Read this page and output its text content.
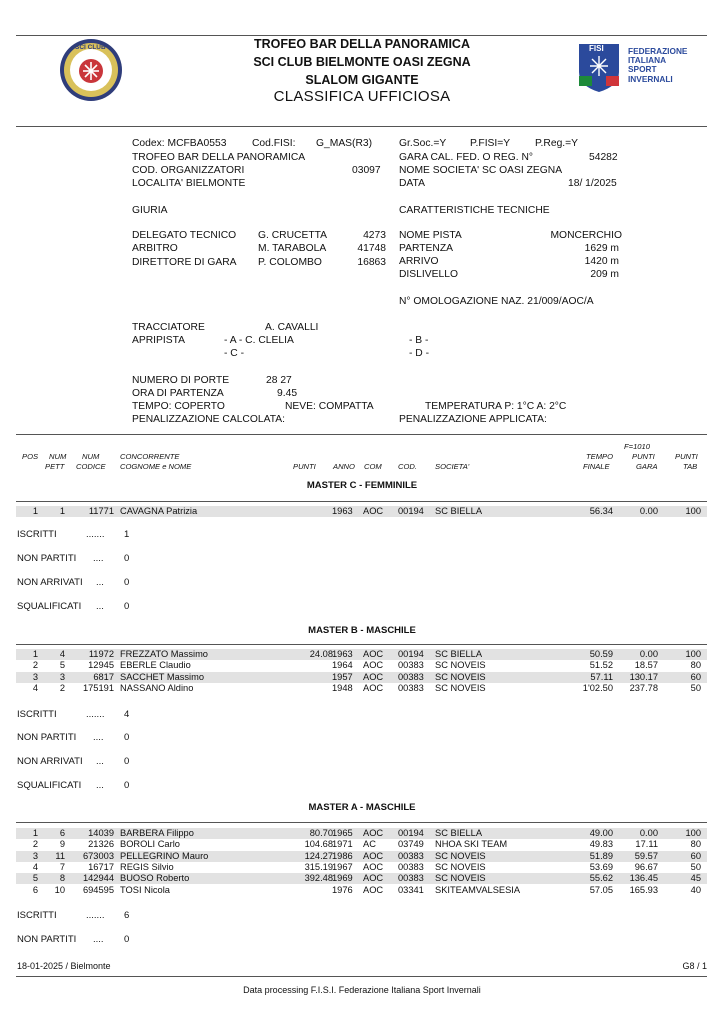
SCI CLUB	TROFEO BAR DELLA PANORAMICA
SCI CLUB BIELMONTE OASI ZEGNA
SLALOM GIGANTE
CLASSIFICA UFFICIOSA
FISI	FEDERAZIONE
ITALIANA
SPORT
INVERNALI
Codex: MCFBA0553 Cod.FISI: G_MAS(R3)
TROFEO BAR DELLA PANORAMICA
COD. ORGANIZZATORI	03097
LOCALITA' BIELMONTE
Gr.Soc.=Y P.FISI=Y P.Reg.=Y
GARA CAL. FED. O REG. N°	54282
NOME SOCIETA' SC OASI ZEGNA
DATA	18/ 1/2025
GIURIA	CARATTERISTICHE TECNICHE
DELEGATO TECNICO G. CRUCETTA	4273
ARBITRO	M. TARABOLA	41748
DIRETTORE DI GARA P. COLOMBO	16863
NOME PISTA	MONCERCHIO
PARTENZA	1629 m
ARRIVO	1420 m
DISLIVELLO	209 m
N° OMOLOGAZIONE NAZ. 21/009/AOC/A
TRACCIATORE	A. CAVALLI
APRIPISTA	- A - C. CLELIA
- C -
- B -
- D -
NUMERO DI PORTE	28 27
ORA DI PARTENZA	9.45
TEMPO: COPERTO	NEVE: COMPATTA	TEMPERATURA P: 1°C A: 2°C
PENALIZZAZIONE CALCOLATA:	PENALIZZAZIONE APPLICATA:
POS NUM
PETT
NUM
CODICE
CONCORRENTE
COGNOME e NOME	PUNTI ANNO COM COD. SOCIETA'
TEMPO
FINALE
F=1010
PUNTI
GARA
PUNTI
TAB
MASTER C - FEMMINILE
1	1	11771 CAVAGNA Patrizia	1963 AOC 00194 SC BIELLA	56.34	0.00	100
ISCRITTI	....... 1
NON PARTITI .... 0
NON ARRIVATI ... 0
SQUALIFICATI ... 0
MASTER B - MASCHILE
1	4	11972 FREZZATO Massimo	24.08 1963 AOC 00194 SC BIELLA	50.59	0.00	100
2	5	12945 EBERLE Claudio	1964 AOC 00383 SC NOVEIS	51.52	18.57	80
3	3	6817 SACCHET Massimo	1957 AOC 00383 SC NOVEIS	57.11	130.17	60
4	2	175191 NASSANO Aldino	1948 AOC 00383 SC NOVEIS	1'02.50	237.78	50
ISCRITTI	....... 4
NON PARTITI .... 0
NON ARRIVATI ... 0
SQUALIFICATI ... 0
MASTER A - MASCHILE
1	6	14039 BARBERA Filippo	80.70 1965 AOC 00194 SC BIELLA	49.00	0.00	100
2	9	21326 BOROLI Carlo	104.68 1971 AC 03749 NHOA SKI TEAM	49.83	17.11	80
3	11	673003 PELLEGRINO Mauro	124.27 1986 AOC 00383 SC NOVEIS	51.89	59.57	60
4	7	16717 REGIS Silvio	315.19 1967 AOC 00383 SC NOVEIS	53.69	96.67	50
5	8	142944 BUOSO Roberto	392.48 1969 AOC 00383 SC NOVEIS	55.62	136.45	45
6	10	694595 TOSI Nicola	1976 AOC 03341 SKITEAMVALSESIA	57.05	165.93	40
ISCRITTI	....... 6
NON PARTITI .... 0
18-01-2025 / Bielmonte	G8 / 1
Data processing F.I.S.I. Federazione Italiana Sport Invernali
